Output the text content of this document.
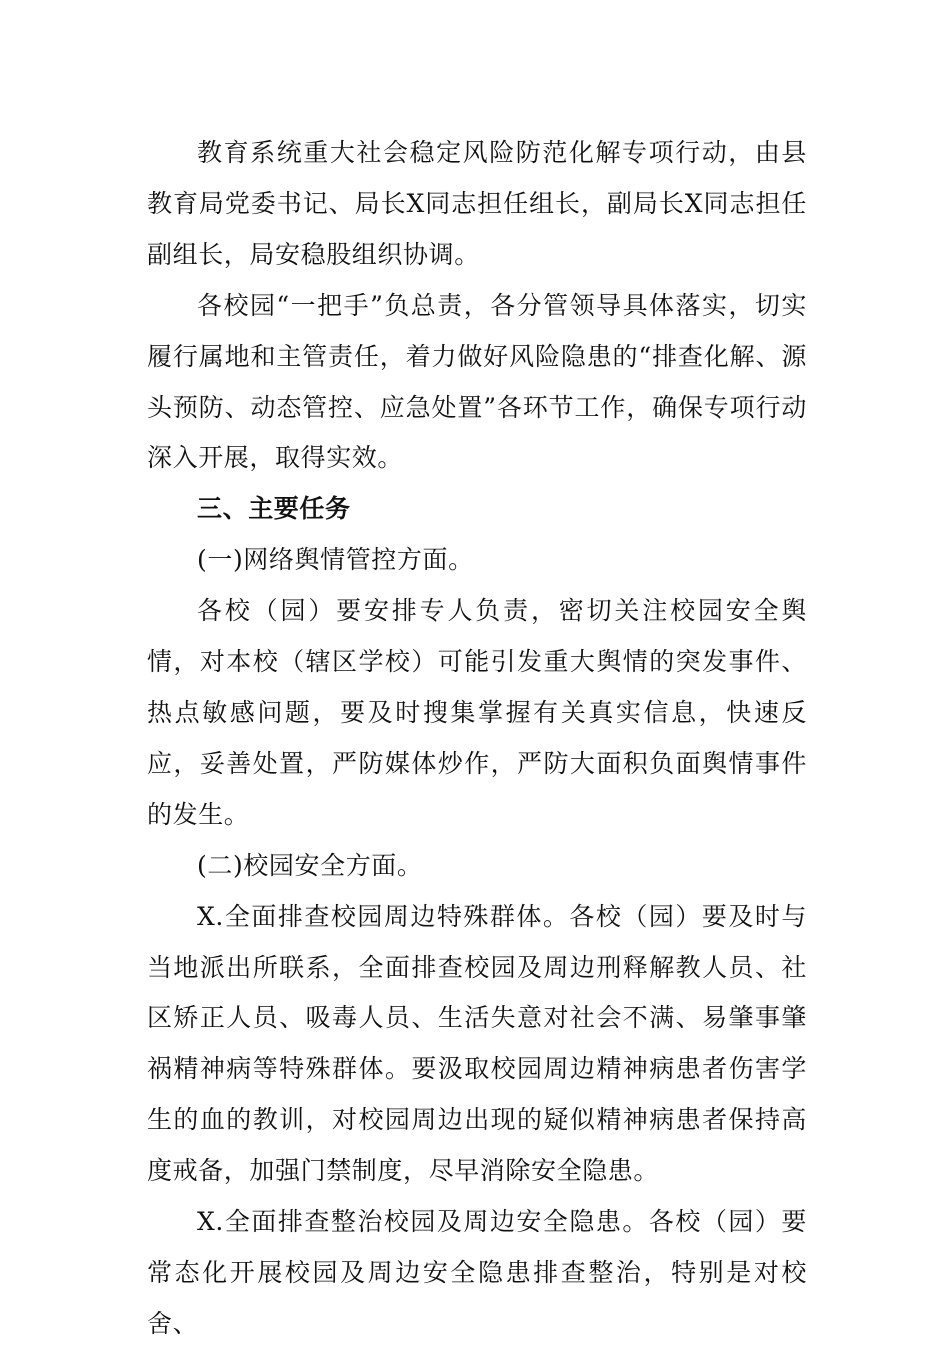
教育系统重大社会稳定风险防范化解专项行动，由县教育局党委书记、局长X同志担任组长，副局长X同志担任副组长，局安稳股组织协调。

各校园“一把手”负总责，各分管领导具体落实，切实履行属地和主管责任，着力做好风险隐患的“排查化解、源头预防、动态管控、应急处置”各环节工作，确保专项行动深入开展，取得实效。

三、主要任务

(一)网络舆情管控方面。

各校（园）要安排专人负责，密切关注校园安全舆情，对本校（辖区学校）可能引发重大舆情的突发事件、热点敏感问题，要及时搜集掌握有关真实信息，快速反应，妥善处置，严防媒体炒作，严防大面积负面舆情事件的发生。

(二)校园安全方面。

X.全面排查校园周边特殊群体。各校（园）要及时与当地派出所联系，全面排查校园及周边刑释解教人员、社区矫正人员、吸毒人员、生活失意对社会不满、易肇事肇祸精神病等特殊群体。要汲取校园周边精神病患者伤害学生的血的教训，对校园周边出现的疑似精神病患者保持高度戒备，加强门禁制度，尽早消除安全隐患。

X.全面排查整治校园及周边安全隐患。各校（园）要常态化开展校园及周边安全隐患排查整治，特别是对校舍、
